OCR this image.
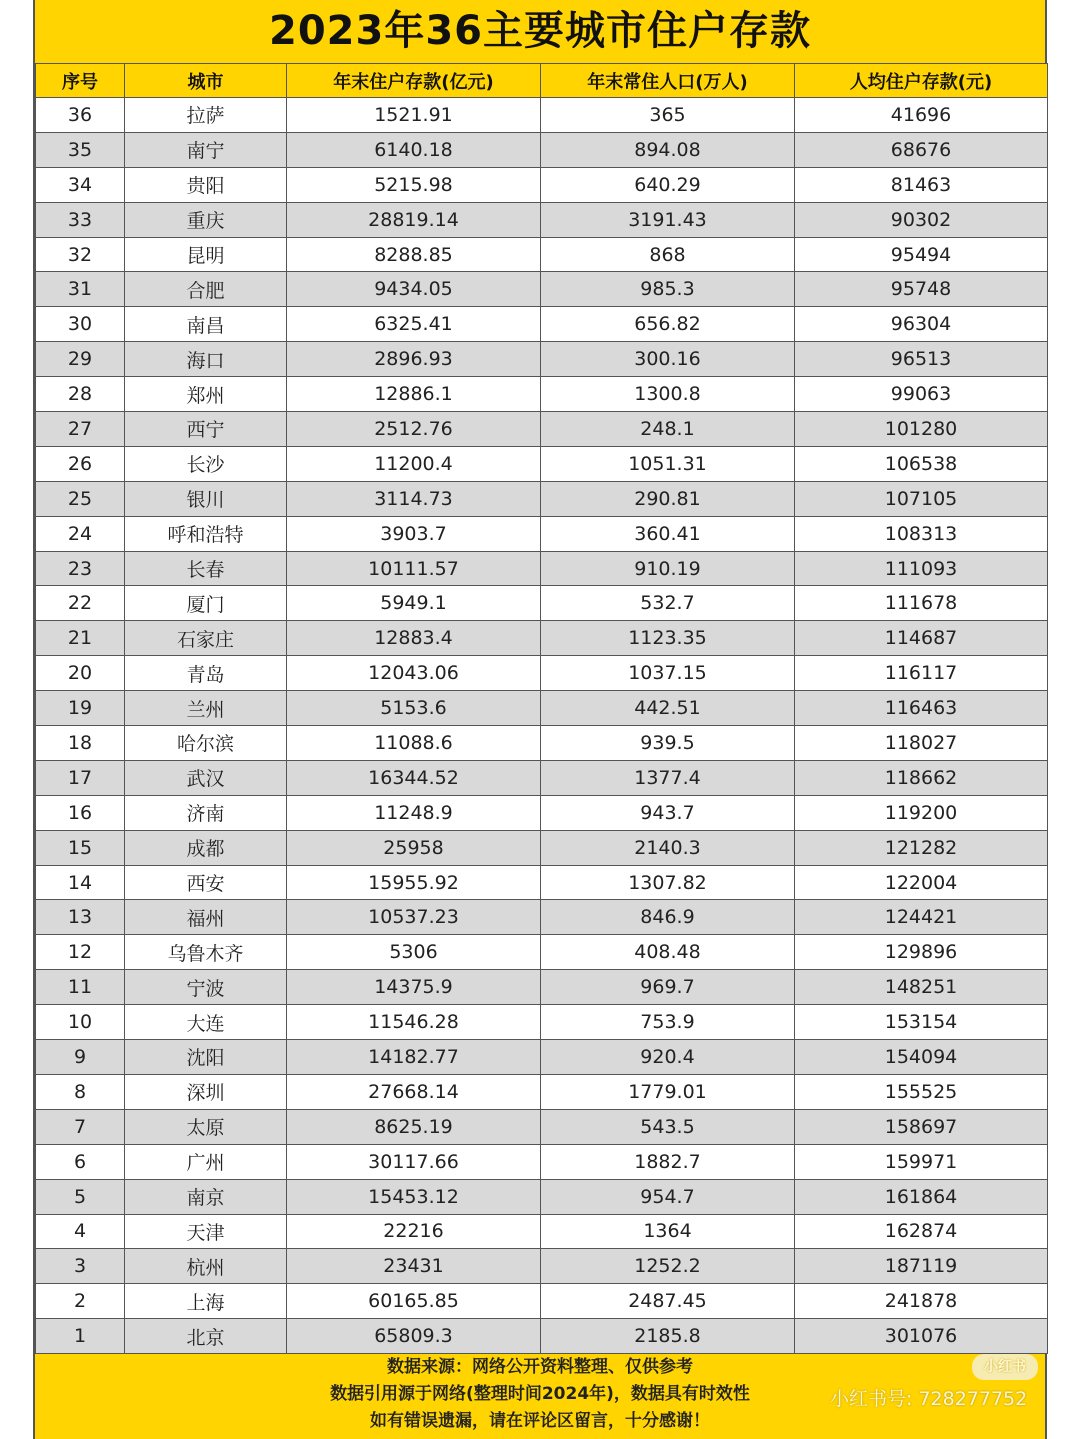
2023年36主要城市住户存款
序号	城市	年末住户存款(亿元)	年末常住人口(万人)	人均住户存款(元)
36	拉萨	1521.91	365	41696
35	南宁	6140.18	894.08	68676
34	贵阳	5215.98	640.29	81463
33	重庆	28819.14	3191.43	90302
32	昆明	8288.85	868	95494
31	合肥	9434.05	985.3	95748
30	南昌	6325.41	656.82	96304
29	海口	2896.93	300.16	96513
28	郑州	12886.1	1300.8	99063
27	西宁	2512.76	248.1	101280
26	长沙	11200.4	1051.31	106538
25	银川	3114.73	290.81	107105
24	呼和浩特	3903.7	360.41	108313
23	长春	10111.57	910.19	111093
22	厦门	5949.1	532.7	111678
21	石家庄	12883.4	1123.35	114687
20	青岛	12043.06	1037.15	116117
19	兰州	5153.6	442.51	116463
18	哈尔滨	11088.6	939.5	118027
17	武汉	16344.52	1377.4	118662
16	济南	11248.9	943.7	119200
15	成都	25958	2140.3	121282
14	西安	15955.92	1307.82	122004
13	福州	10537.23	846.9	124421
12	乌鲁木齐	5306	408.48	129896
11	宁波	14375.9	969.7	148251
10	大连	11546.28	753.9	153154
9	沈阳	14182.77	920.4	154094
8	深圳	27668.14	1779.01	155525
7	太原	8625.19	543.5	158697
6	广州	30117.66	1882.7	159971
5	南京	15453.12	954.7	161864
4	天津	22216	1364	162874
3	杭州	23431	1252.2	187119
2	上海	60165.85	2487.45	241878
1	北京	65809.3	2185.8	301076
数据来源：网络公开资料整理、仅供参考
数据引用源于网络(整理时间2024年)，数据具有时效性
如有错误遗漏，请在评论区留言，十分感谢！
小红书
小红书号: 728277752
